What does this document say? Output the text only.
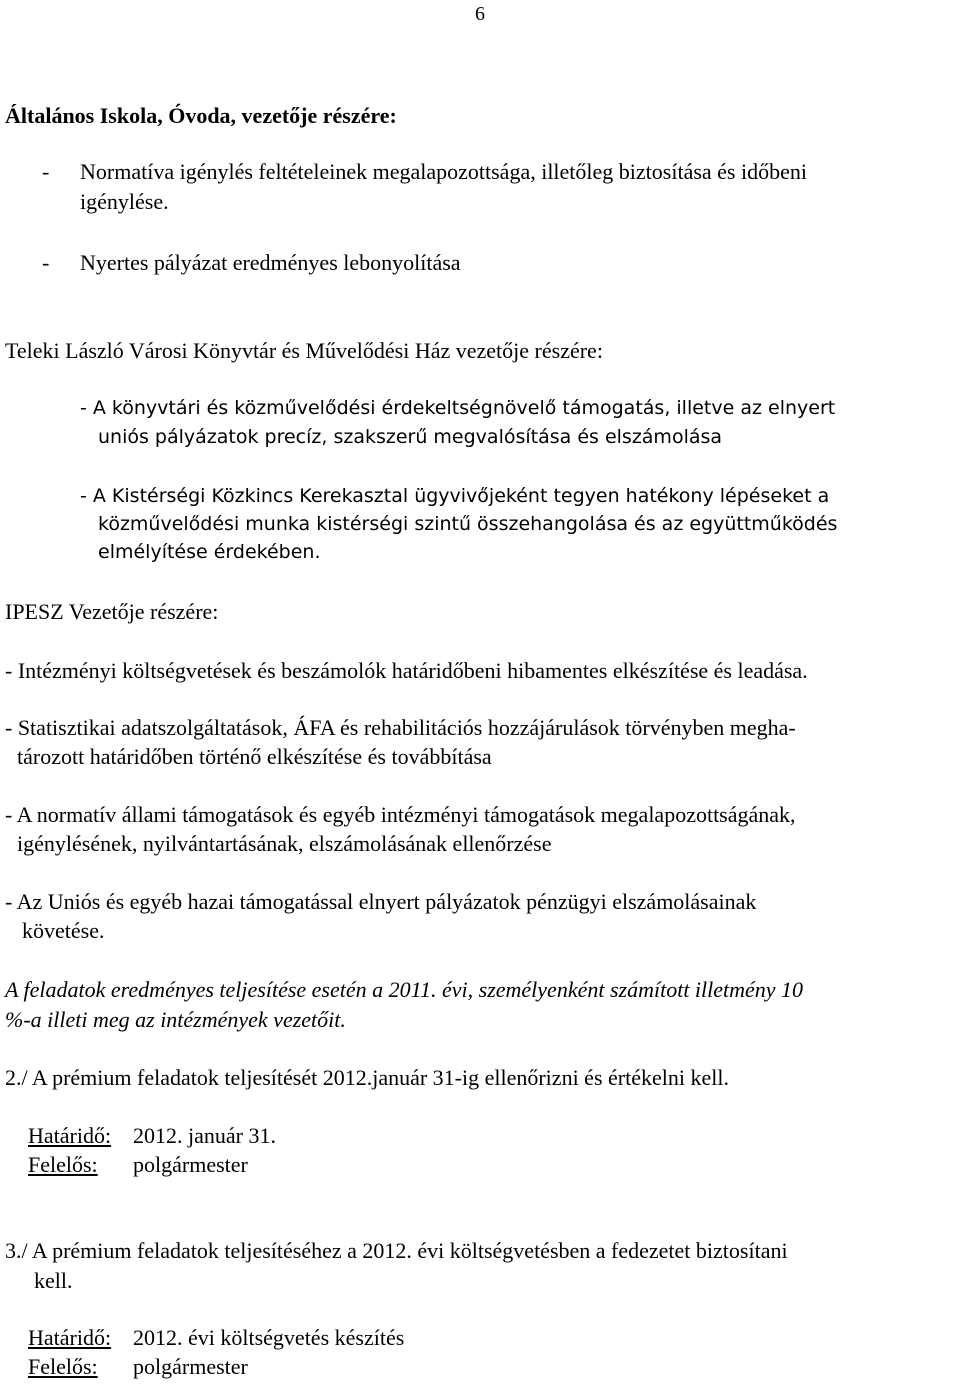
6
Általános Iskola, Óvoda, vezetője részére:
- Normatíva igénylés feltételeinek megalapozottsága, illetőleg biztosítása és időbeni
igénylése.
- Nyertes pályázat eredményes lebonyolítása
Teleki László Városi Könyvtár és Művelődési Ház vezetője részére:
- A könyvtári és közművelődési érdekeltségnövelő támogatás, illetve az elnyert
uniós pályázatok precíz, szakszerű megvalósítása és elszámolása
- A Kistérségi Közkincs Kerekasztal ügyvivőjeként tegyen hatékony lépéseket a
közművelődési munka kistérségi szintű összehangolása és az együttműködés
elmélyítése érdekében.
IPESZ Vezetője részére:
- Intézményi költségvetések és beszámolók határidőbeni hibamentes elkészítése és leadása.
- Statisztikai adatszolgáltatások, ÁFA és rehabilitációs hozzájárulások törvényben megha-
tározott határidőben történő elkészítése és továbbítása
- A normatív állami támogatások és egyéb intézményi támogatások megalapozottságának,
igénylésének, nyilvántartásának, elszámolásának ellenőrzése
- Az Uniós és egyéb hazai támogatással elnyert pályázatok pénzügyi elszámolásainak
követése.
A feladatok eredményes teljesítése esetén a 2011. évi, személyenként számított illetmény 10
%-a illeti meg az intézmények vezetőit.
2./ A prémium feladatok teljesítését 2012.január 31-ig ellenőrizni és értékelni kell.
Határidő: 2012. január 31.
Felelős: polgármester
3./ A prémium feladatok teljesítéséhez a 2012. évi költségvetésben a fedezetet biztosítani
kell.
Határidő: 2012. évi költségvetés készítés
Felelős: polgármester
